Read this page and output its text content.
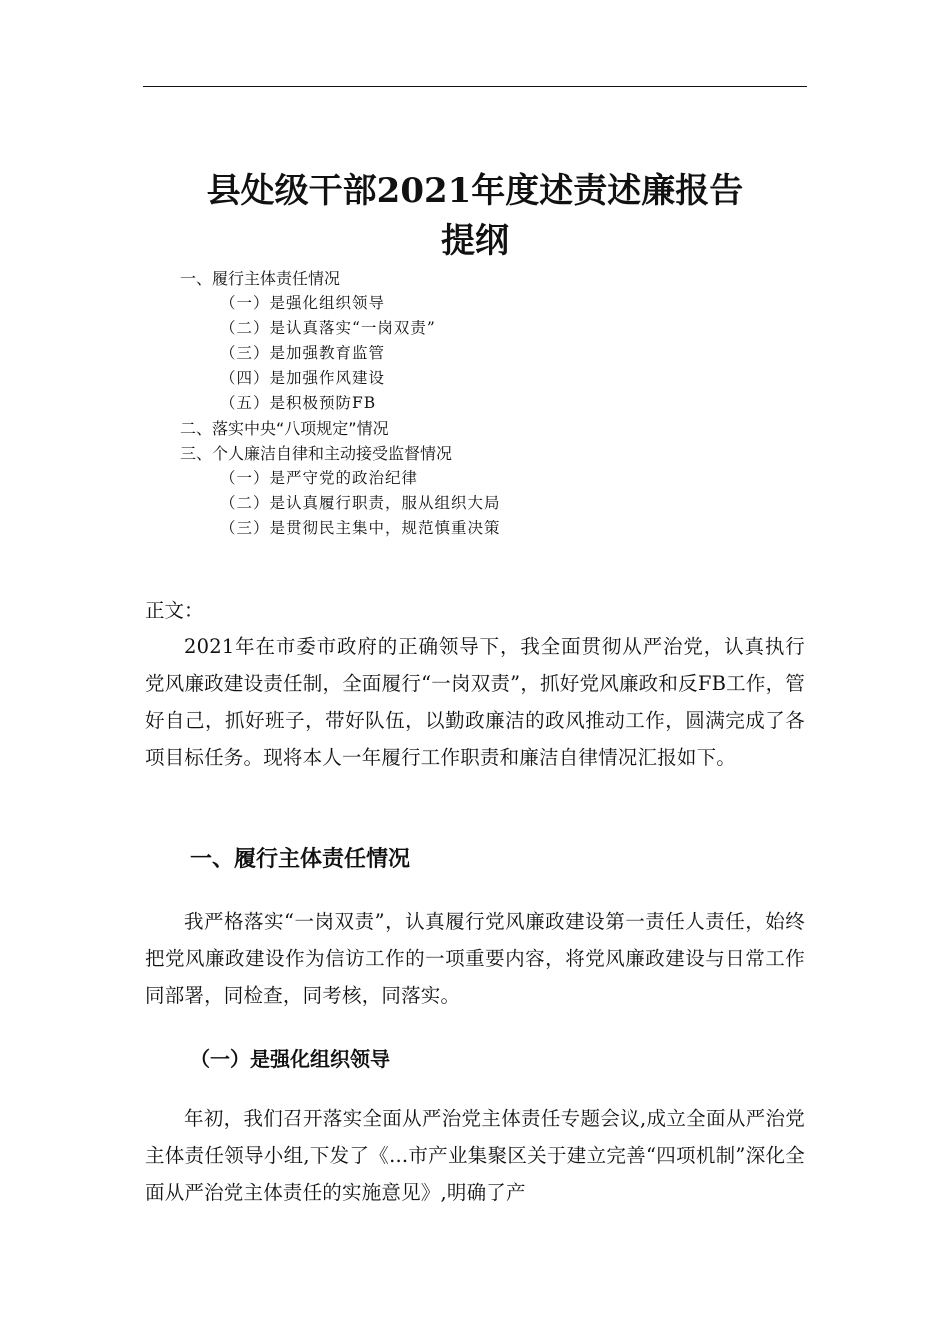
县处级干部2021年度述责述廉报告
提纲
一、履行主体责任情况
（一）是强化组织领导
（二）是认真落实“一岗双责”
（三）是加强教育监管
（四）是加强作风建设
（五）是积极预防FB
二、落实中央“八项规定”情况
三、个人廉洁自律和主动接受监督情况
（一）是严守党的政治纪律
（二）是认真履行职责，服从组织大局
（三）是贯彻民主集中，规范慎重决策
正文：

2021年在市委市政府的正确领导下，我全面贯彻从严治党，认真执行党风廉政建设责任制，全面履行“一岗双责”，抓好党风廉政和反FB工作，管好自己，抓好班子，带好队伍，以勤政廉洁的政风推动工作，圆满完成了各项目标任务。现将本人一年履行工作职责和廉洁自律情况汇报如下。

一、履行主体责任情况

我严格落实“一岗双责”，认真履行党风廉政建设第一责任人责任，始终把党风廉政建设作为信访工作的一项重要内容，将党风廉政建设与日常工作同部署，同检查，同考核，同落实。

（一）是强化组织领导

年初，我们召开落实全面从严治党主体责任专题会议,成立全面从严治党主体责任领导小组,下发了《...市产业集聚区关于建立完善“四项机制”深化全面从严治党主体责任的实施意见》,明确了产
